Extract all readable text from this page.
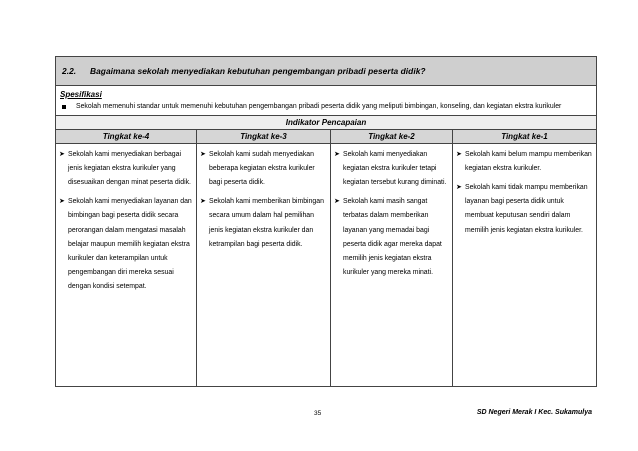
2.2.	Bagaimana sekolah menyediakan kebutuhan pengembangan pribadi peserta didik?
Spesifikasi
Sekolah memenuhi standar untuk memenuhi kebutuhan pengembangan pribadi peserta didik yang meliputi bimbingan, konseling, dan kegiatan ekstra kurikuler
Indikator Pencapaian
Tingkat ke-4
➤ Sekolah kami menyediakan berbagai jenis kegiatan ekstra kurikuler yang disesuaikan dengan minat peserta didik.
➤ Sekolah kami menyediakan layanan dan bimbingan bagi peserta didik secara perorangan dalam mengatasi masalah belajar maupun memilih kegiatan ekstra kurikuler dan keterampilan untuk pengembangan diri mereka sesuai dengan kondisi setempat.
Tingkat ke-3
➤ Sekolah kami sudah menyediakan beberapa kegiatan ekstra kurikuler bagi peserta didik.
➤ Sekolah kami memberikan bimbingan secara umum dalam hal pemilihan jenis kegiatan ekstra kurikuler dan ketrampilan bagi peserta didik.
Tingkat ke-2
➤ Sekolah kami menyediakan kegiatan ekstra kurikuler tetapi kegiatan tersebut kurang diminati.
➤ Sekolah kami masih sangat terbatas dalam memberikan layanan yang memadai bagi peserta didik agar mereka dapat memilih jenis kegiatan ekstra kurikuler yang mereka minati.
Tingkat ke-1
➤ Sekolah kami belum mampu memberikan kegiatan ekstra kurikuler.
➤ Sekolah kami tidak mampu memberikan layanan bagi peserta didik untuk membuat keputusan sendiri dalam memilih jenis kegiatan ekstra kurikuler.
35	SD Negeri Merak I Kec. Sukamulya
